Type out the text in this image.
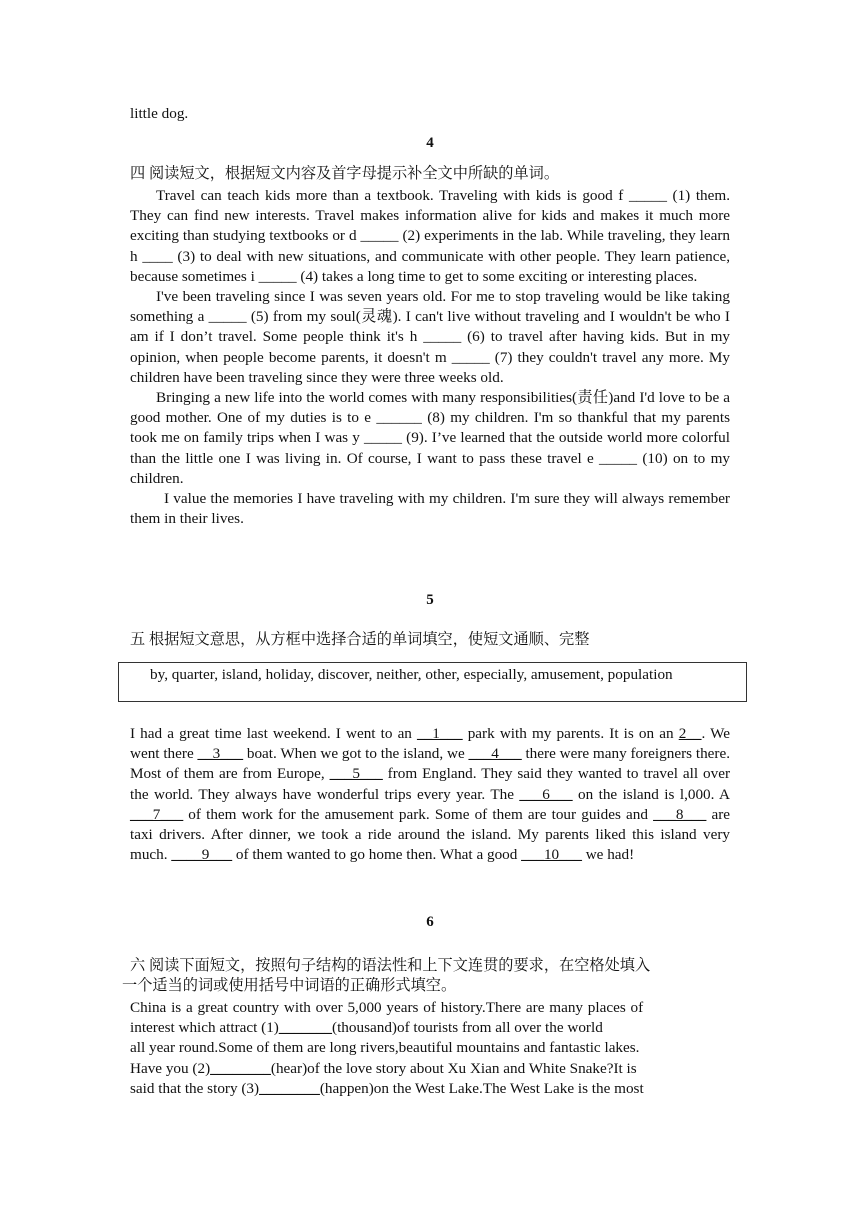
little dog.
4
四 阅读短文，根据短文内容及首字母提示补全文中所缺的单词。

Travel can teach kids more than a textbook. Traveling with kids is good f _____ (1) them. They can find new interests. Travel makes information alive for kids and makes it much more exciting than studying textbooks or d _____ (2) experiments in the lab. While traveling, they learn h ____ (3) to deal with new situations, and communicate with other people. They learn patience, because sometimes i _____ (4) takes a long time to get to some exciting or interesting places.

I've been traveling since I was seven years old. For me to stop traveling would be like taking something a _____ (5) from my soul(灵魂). I can't live without traveling and I wouldn't be who I am if I don’t travel. Some people think it's h _____ (6) to travel after having kids. But in my opinion, when people become parents, it doesn't m _____ (7) they couldn't travel any more. My children have been traveling since they were three weeks old.

Bringing a new life into the world comes with many responsibilities(责任)and I'd love to be a good mother. One of my duties is to e ______ (8) my children. I'm so thankful that my parents took me on family trips when I was y _____ (9). I’ve learned that the outside world more colorful than the little one I was living in. Of course, I want to pass these travel e _____ (10) on to my children.

I value the memories I have traveling with my children. I'm sure they will always remember them in their lives.

5
五 根据短文意思，从方框中选择合适的单词填空，使短文通顺、完整
by, quarter, island, holiday, discover, neither, other, especially, amusement, population

I had a great time last weekend. I went to an __1___ park with my parents. It is on an 2__. We went there __3___ boat. When we got to the island, we ___4___ there were many foreigners there. Most of them are from Europe, ___5___ from England. They said they wanted to travel all over the world. They always have wonderful trips every year. The ___6___ on the island is l,000. A ___7___ of them work for the amusement park. Some of them are tour guides and ___8___ are taxi drivers. After dinner, we took a ride around the island. My parents liked this island very much. ____9___ of them wanted to go home then. What a good ___10___ we had!

6
六 阅读下面短文，按照句子结构的语法性和上下文连贯的要求，在空格处填入
一个适当的词或使用括号中词语的正确形式填空。
China is a great country with over 5,000 years of history.There are many places of
interest which attract (1)_______(thousand)of tourists from all over the world
all year round.Some of them are long rivers,beautiful mountains and fantastic lakes.
Have you (2)________(hear)of the love story about Xu Xian and White Snake?It is
said that the story (3)________(happen)on the West Lake.The West Lake is the most
